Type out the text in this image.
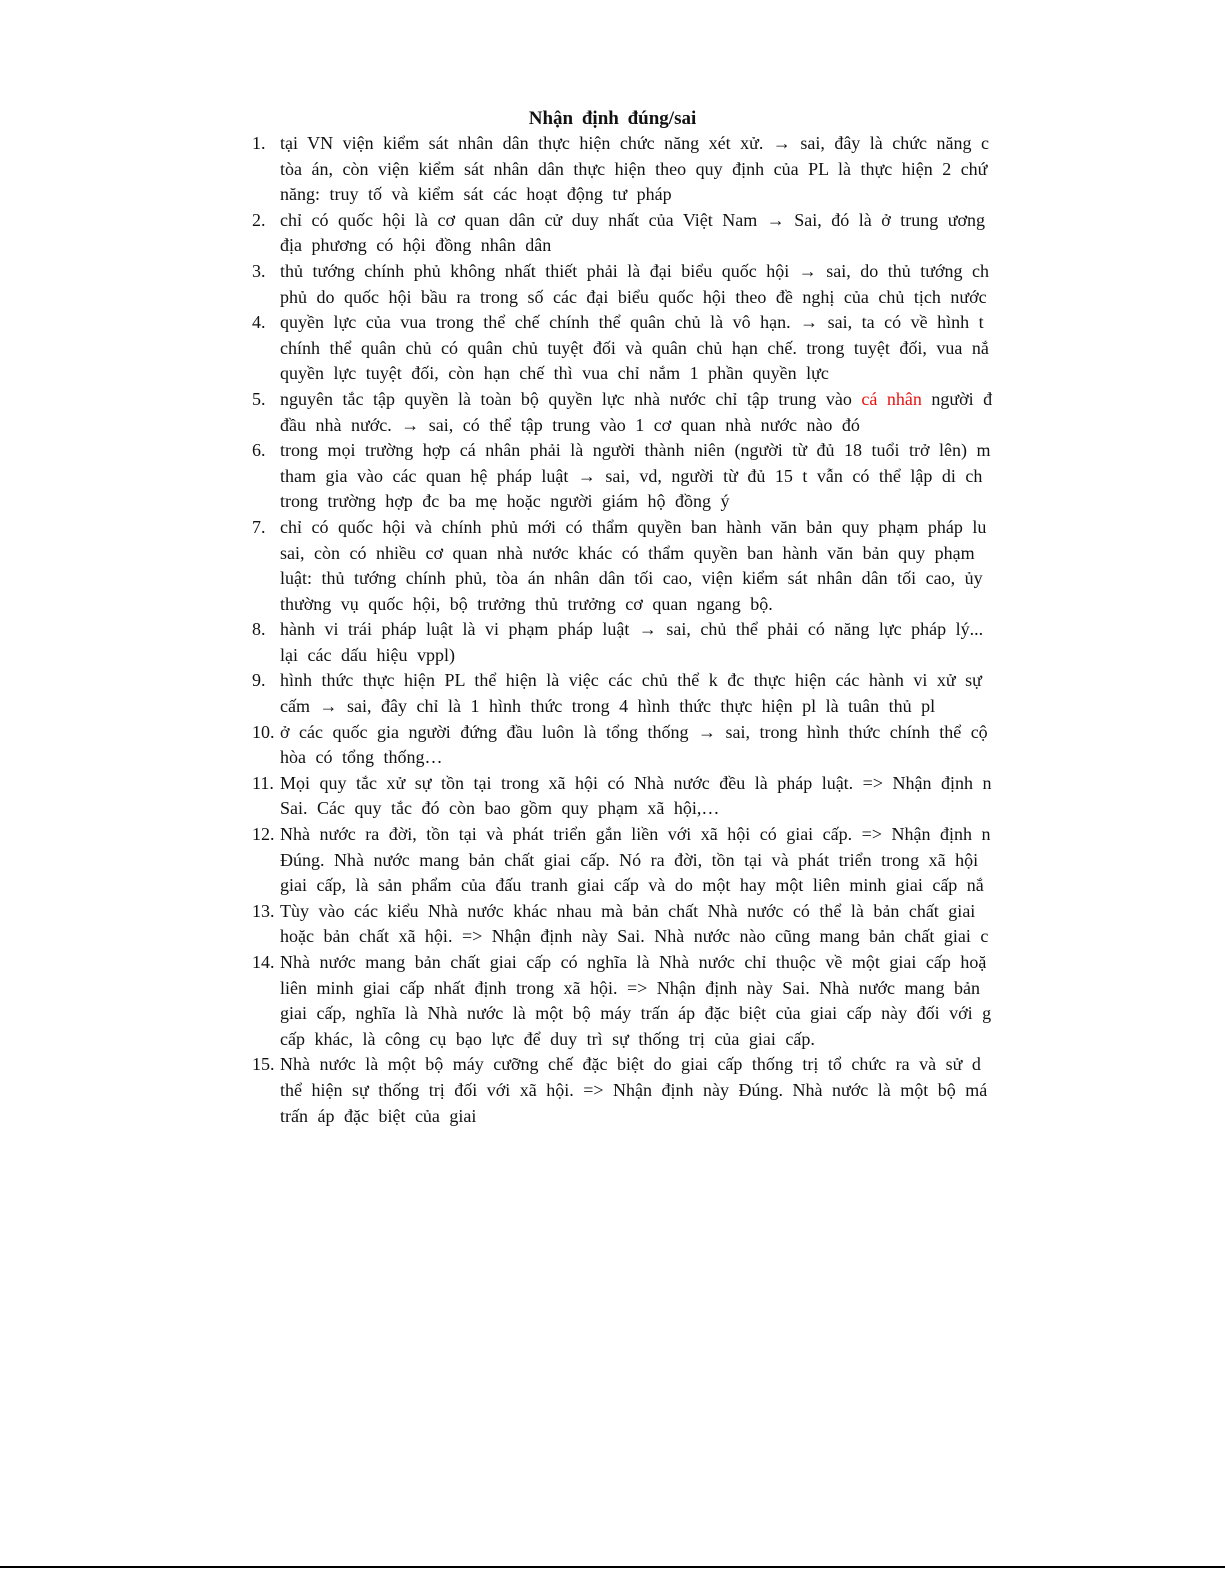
Nhận định đúng/sai
1. tại VN viện kiểm sát nhân dân thực hiện chức năng xét xử. → sai, đây là chức năng c
tòa án, còn viện kiểm sát nhân dân thực hiện theo quy định của PL là thực hiện 2 chứ
năng: truy tố và kiểm sát các hoạt động tư pháp
2. chỉ có quốc hội là cơ quan dân cử duy nhất của Việt Nam → Sai, đó là ở trung ương
địa phương có hội đồng nhân dân
3. thủ tướng chính phủ không nhất thiết phải là đại biểu quốc hội → sai, do thủ tướng ch
phủ do quốc hội bầu ra trong số các đại biểu quốc hội theo đề nghị của chủ tịch nước
4. quyền lực của vua trong thể chế chính thể quân chủ là vô hạn. → sai, ta có về hình t
chính thể quân chủ có quân chủ tuyệt đối và quân chủ hạn chế. trong tuyệt đối, vua nắ
quyền lực tuyệt đối, còn hạn chế thì vua chỉ nắm 1 phần quyền lực
5. nguyên tắc tập quyền là toàn bộ quyền lực nhà nước chỉ tập trung vào cá nhân người đ
đầu nhà nước. → sai, có thể tập trung vào 1 cơ quan nhà nước nào đó
6. trong mọi trường hợp cá nhân phải là người thành niên (người từ đủ 18 tuổi trở lên) m
tham gia vào các quan hệ pháp luật → sai, vd, người từ đủ 15 t vẫn có thể lập di ch
trong trường hợp đc ba mẹ hoặc người giám hộ đồng ý
7. chỉ có quốc hội và chính phủ mới có thẩm quyền ban hành văn bản quy phạm pháp lu
sai, còn có nhiều cơ quan nhà nước khác có thẩm quyền ban hành văn bản quy phạm
luật: thủ tướng chính phủ, tòa án nhân dân tối cao, viện kiểm sát nhân dân tối cao, ủy
thường vụ quốc hội, bộ trưởng thủ trưởng cơ quan ngang bộ.
8. hành vi trái pháp luật là vi phạm pháp luật → sai, chủ thể phải có năng lực pháp lý...
lại các dấu hiệu vppl)
9. hình thức thực hiện PL thể hiện là việc các chủ thể k đc thực hiện các hành vi xử sự
cấm → sai, đây chỉ là 1 hình thức trong 4 hình thức thực hiện pl là tuân thủ pl
10. ở các quốc gia người đứng đầu luôn là tổng thống → sai, trong hình thức chính thể cộ
hòa có tổng thống…
11. Mọi quy tắc xử sự tồn tại trong xã hội có Nhà nước đều là pháp luật. => Nhận định n
Sai. Các quy tắc đó còn bao gồm quy phạm xã hội,…
12. Nhà nước ra đời, tồn tại và phát triển gắn liền với xã hội có giai cấp. => Nhận định n
Đúng. Nhà nước mang bản chất giai cấp. Nó ra đời, tồn tại và phát triển trong xã hội
giai cấp, là sản phẩm của đấu tranh giai cấp và do một hay một liên minh giai cấp nắ
13. Tùy vào các kiểu Nhà nước khác nhau mà bản chất Nhà nước có thể là bản chất giai
hoặc bản chất xã hội. => Nhận định này Sai. Nhà nước nào cũng mang bản chất giai c
14. Nhà nước mang bản chất giai cấp có nghĩa là Nhà nước chỉ thuộc về một giai cấp hoặ
liên minh giai cấp nhất định trong xã hội. => Nhận định này Sai. Nhà nước mang bản
giai cấp, nghĩa là Nhà nước là một bộ máy trấn áp đặc biệt của giai cấp này đối với g
cấp khác, là công cụ bạo lực để duy trì sự thống trị của giai cấp.
15. Nhà nước là một bộ máy cưỡng chế đặc biệt do giai cấp thống trị tổ chức ra và sử d
thể hiện sự thống trị đối với xã hội. => Nhận định này Đúng. Nhà nước là một bộ má
trấn áp đặc biệt của giai
